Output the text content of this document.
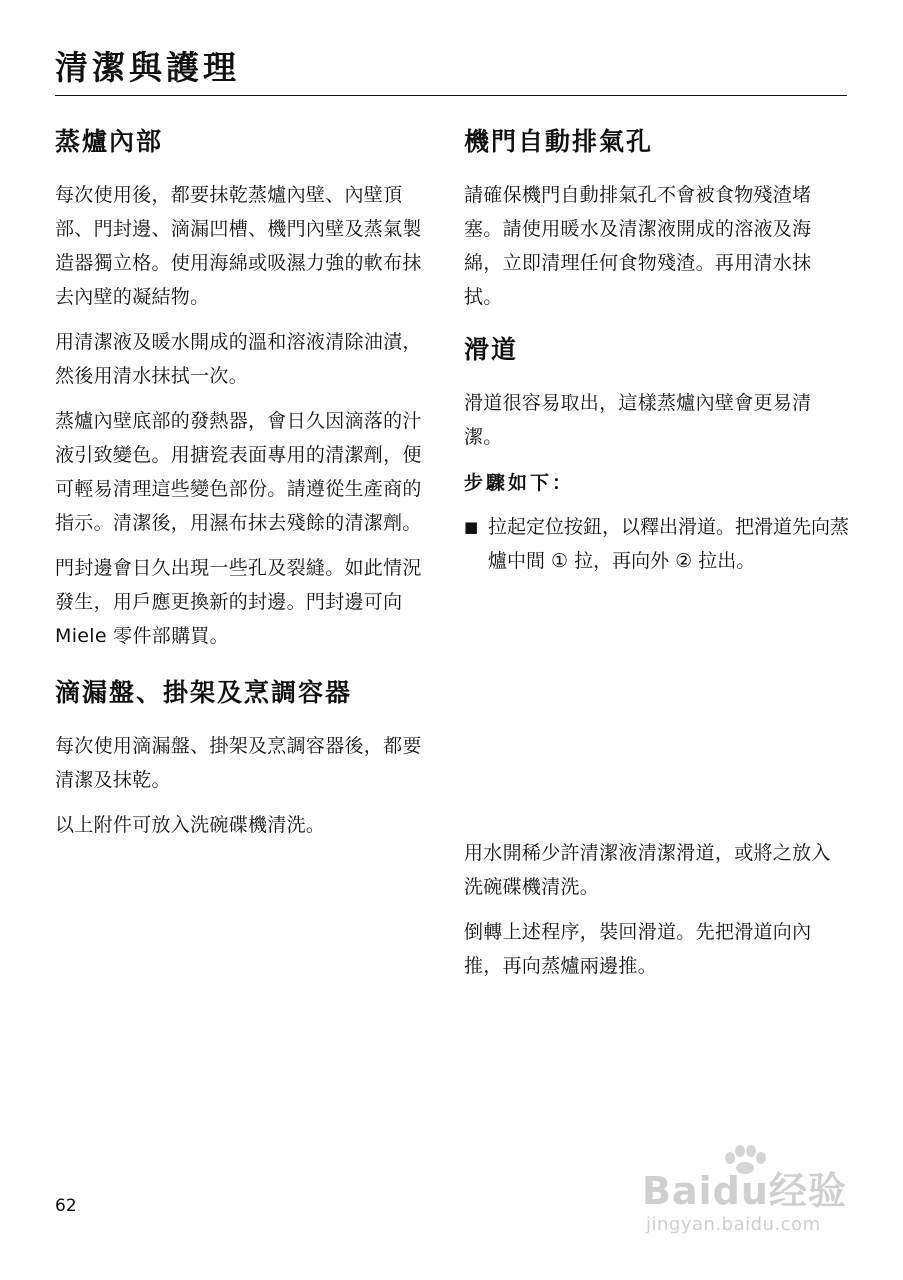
清潔與護理
蒸爐內部

每次使用後，都要抹乾蒸爐內壁、內壁頂部、門封邊、滴漏凹槽、機門內壁及蒸氣製造器獨立格。使用海綿或吸濕力強的軟布抹去內壁的凝結物。

用清潔液及暖水開成的溫和溶液清除油漬，然後用清水抹拭一次。

蒸爐內壁底部的發熱器，會日久因滴落的汁液引致變色。用搪瓷表面專用的清潔劑，便可輕易清理這些變色部份。請遵從生產商的指示。清潔後，用濕布抹去殘餘的清潔劑。

門封邊會日久出現一些孔及裂縫。如此情況發生，用戶應更換新的封邊。門封邊可向 Miele 零件部購買。

滴漏盤、掛架及烹調容器

每次使用滴漏盤、掛架及烹調容器後，都要清潔及抹乾。

以上附件可放入洗碗碟機清洗。

機門自動排氣孔

請確保機門自動排氣孔不會被食物殘渣堵塞。請使用暖水及清潔液開成的溶液及海綿，立即清理任何食物殘渣。再用清水抹拭。

滑道

滑道很容易取出，這樣蒸爐內壁會更易清潔。

步驟如下：
■ 拉起定位按鈕，以釋出滑道。把滑道先向蒸爐中間 ① 拉，再向外 ② 拉出。

用水開稀少許清潔液清潔滑道，或將之放入洗碗碟機清洗。

倒轉上述程序，裝回滑道。先把滑道向內推，再向蒸爐兩邊推。

62	Baidu经验
jingyan.baidu.com
